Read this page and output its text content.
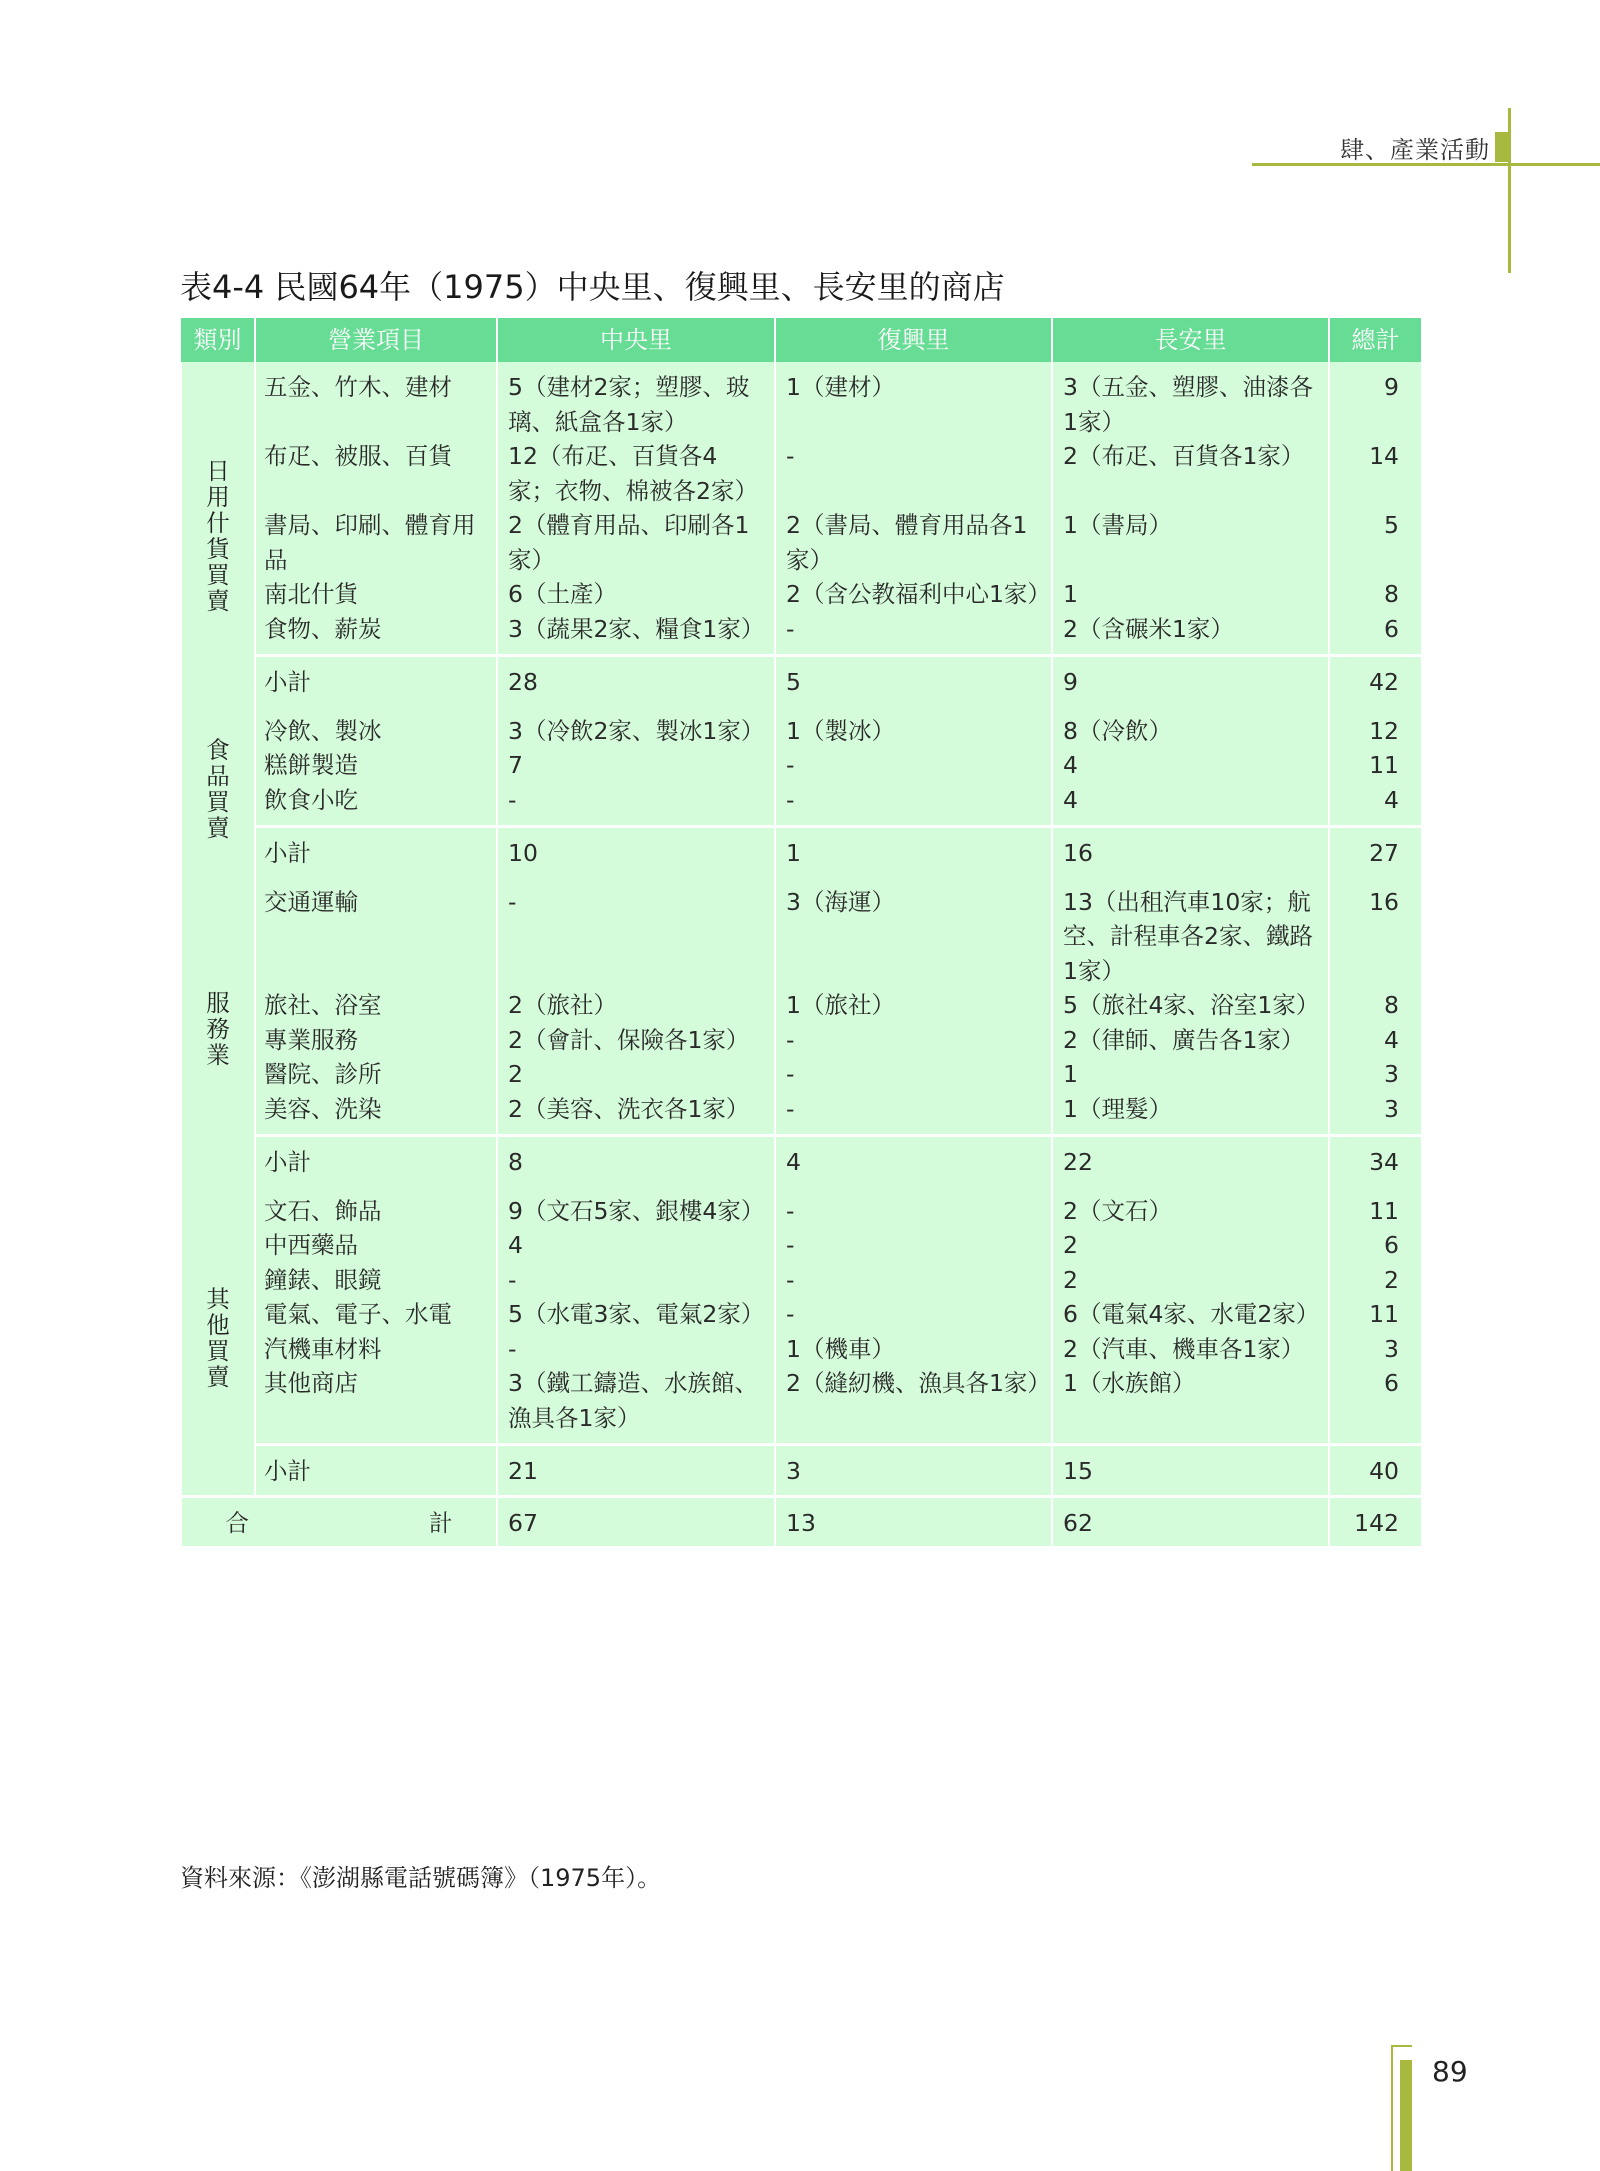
肆、產業活動
表4-4 民國64年（1975）中央里、復興里、長安里的商店
類別	營業項目	中央里	復興里	長安里	總計
日用什貨買賣	五金、竹木、建材	5（建材2家；塑膠、玻璃、紙盒各1家）	1（建材）	3（五金、塑膠、油漆各1家）	9
	布疋、被服、百貨	12（布疋、百貨各4家；衣物、棉被各2家）	-	2（布疋、百貨各1家）	14
	書局、印刷、體育用品	2（體育用品、印刷各1家）	2（書局、體育用品各1家）	1（書局）	5
	南北什貨	6（土產）	2（含公教福利中心1家）	1	8
	食物、薪炭	3（蔬果2家、糧食1家）	-	2（含碾米1家）	6
	小計	28	5	9	42
食品買賣	冷飲、製冰	3（冷飲2家、製冰1家）	1（製冰）	8（冷飲）	12
	糕餅製造	7	-	4	11
	飲食小吃	-	-	4	4
	小計	10	1	16	27
服務業	交通運輸	-	3（海運）	13（出租汽車10家；航空、計程車各2家、鐵路1家）	16
	旅社、浴室	2（旅社）	1（旅社）	5（旅社4家、浴室1家）	8
	專業服務	2（會計、保險各1家）	-	2（律師、廣告各1家）	4
	醫院、診所	2	-	1	3
	美容、洗染	2（美容、洗衣各1家）	-	1（理髮）	3
	小計	8	4	22	34
其他買賣	文石、飾品	9（文石5家、銀樓4家）	-	2（文石）	11
	中西藥品	4	-	2	6
	鐘錶、眼鏡	-	-	2	2
	電氣、電子、水電	5（水電3家、電氣2家）	-	6（電氣4家、水電2家）	11
	汽機車材料	-	1（機車）	2（汽車、機車各1家）	3
	其他商店	3（鐵工鑄造、水族館、漁具各1家）	2（縫紉機、漁具各1家）	1（水族館）	6
	小計	21	3	15	40
合 計		67	13	62	142
資料來源：《澎湖縣電話號碼簿》（1975年）。
89
